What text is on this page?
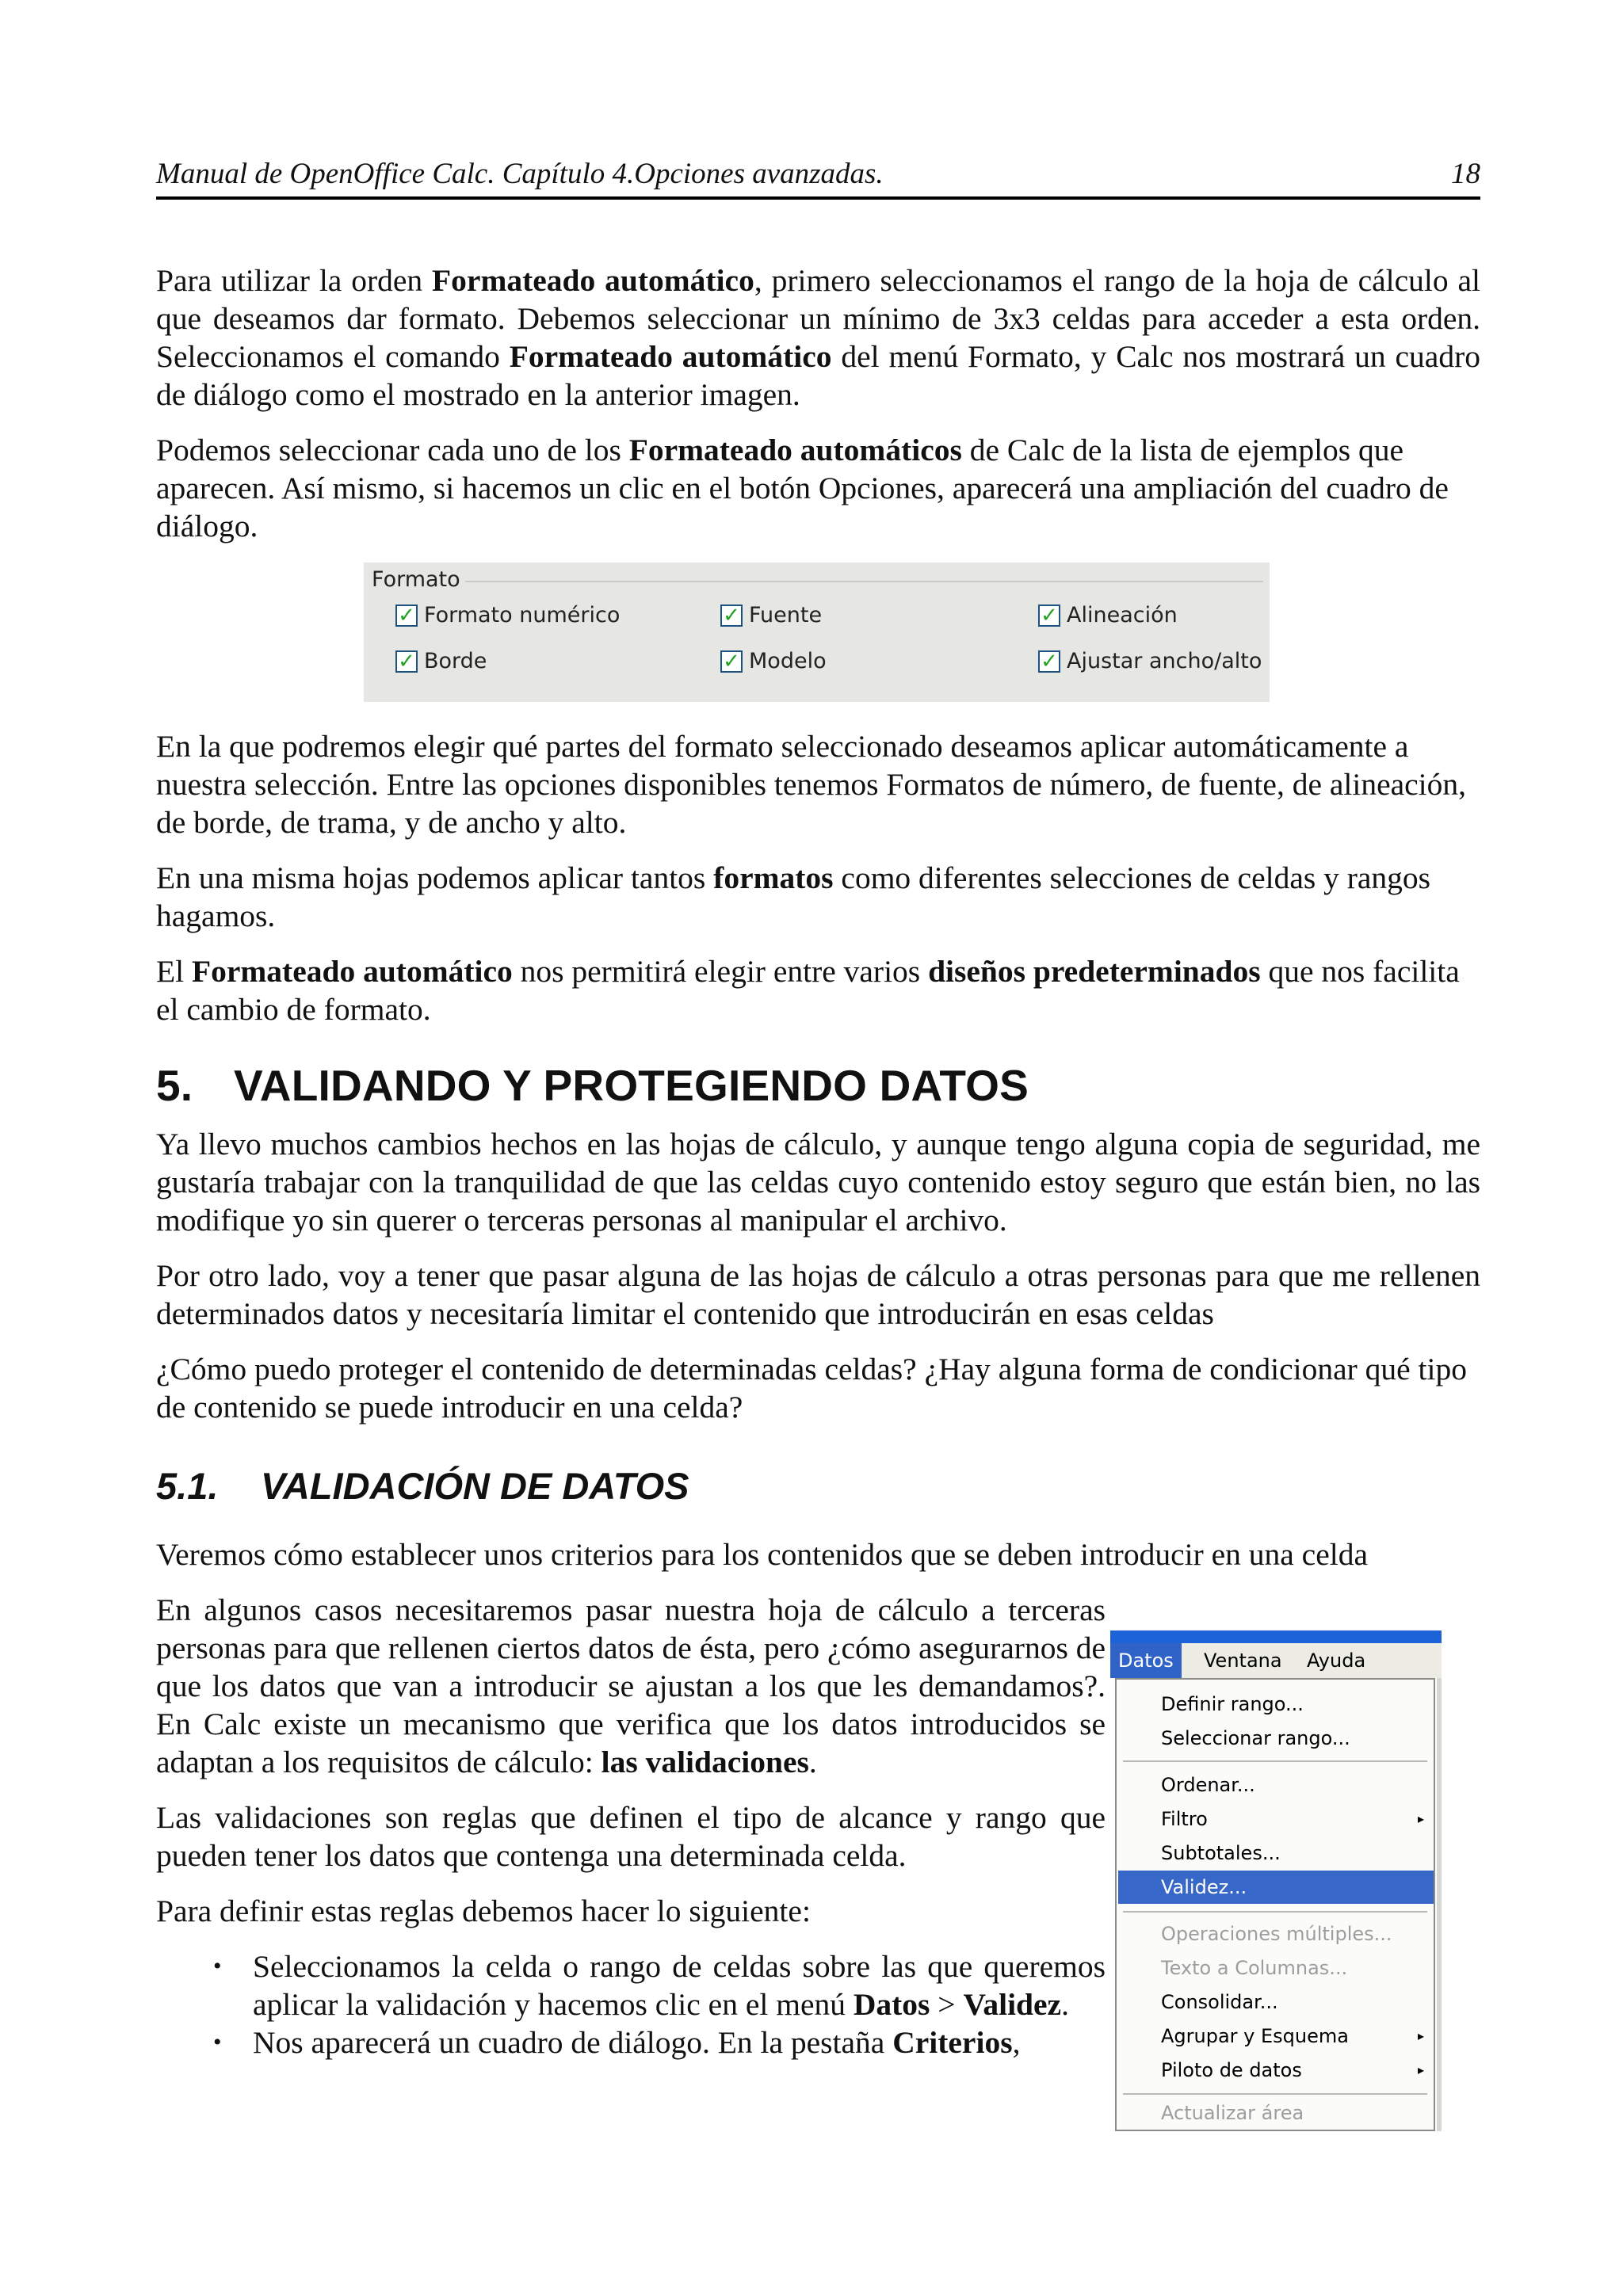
Manual de OpenOffice Calc. Capítulo 4.Opciones avanzadas.	18

Para utilizar la orden Formateado automático, primero seleccionamos el rango de la hoja de cálculo al que deseamos dar formato. Debemos seleccionar un mínimo de 3x3 celdas para acceder a esta orden. Seleccionamos el comando Formateado automático del menú Formato, y Calc nos mostrará un cuadro de diálogo como el mostrado en la anterior imagen.

Podemos seleccionar cada uno de los Formateado automáticos de Calc de la lista de ejemplos que aparecen. Así mismo, si hacemos un clic en el botón Opciones, aparecerá una ampliación del cuadro de diálogo.

Formato
✓ Formato numérico	✓ Fuente	✓ Alineación
✓ Borde	✓ Modelo	✓ Ajustar ancho/alto

En la que podremos elegir qué partes del formato seleccionado deseamos aplicar automáticamente a nuestra selección. Entre las opciones disponibles tenemos Formatos de número, de fuente, de alineación, de borde, de trama, y de ancho y alto.

En una misma hojas podemos aplicar tantos formatos como diferentes selecciones de celdas y rangos hagamos.

El Formateado automático nos permitirá elegir entre varios diseños predeterminados que nos facilita el cambio de formato.

5. VALIDANDO Y PROTEGIENDO DATOS

Ya llevo muchos cambios hechos en las hojas de cálculo, y aunque tengo alguna copia de seguridad, me gustaría trabajar con la tranquilidad de que las celdas cuyo contenido estoy seguro que están bien, no las modifique yo sin querer o terceras personas al manipular el archivo.

Por otro lado, voy a tener que pasar alguna de las hojas de cálculo a otras personas para que me rellenen determinados datos y necesitaría limitar el contenido que introducirán en esas celdas

¿Cómo puedo proteger el contenido de determinadas celdas? ¿Hay alguna forma de condicionar qué tipo de contenido se puede introducir en una celda?

5.1. VALIDACIÓN DE DATOS

Veremos cómo establecer unos criterios para los contenidos que se deben introducir en una celda

En algunos casos necesitaremos pasar nuestra hoja de cálculo a terceras personas para que rellenen ciertos datos de ésta, pero ¿cómo asegurarnos de que los datos que van a introducir se ajustan a los que les demandamos?. En Calc existe un mecanismo que verifica que los datos introducidos se adaptan a los requisitos de cálculo: las validaciones.

Las validaciones son reglas que definen el tipo de alcance y rango que pueden tener los datos que contenga una determinada celda.

Para definir estas reglas debemos hacer lo siguiente:

• Seleccionamos la celda o rango de celdas sobre las que queremos aplicar la validación y hacemos clic en el menú Datos > Validez.
• Nos aparecerá un cuadro de diálogo. En la pestaña Criterios,
Datos	Ventana	Ayuda
Definir rango...
Seleccionar rango...
Ordenar...
Filtro	▸
Subtotales...
Validez...
Operaciones múltiples...
Texto a Columnas...
Consolidar...
Agrupar y Esquema	▸
Piloto de datos	▸
Actualizar área
